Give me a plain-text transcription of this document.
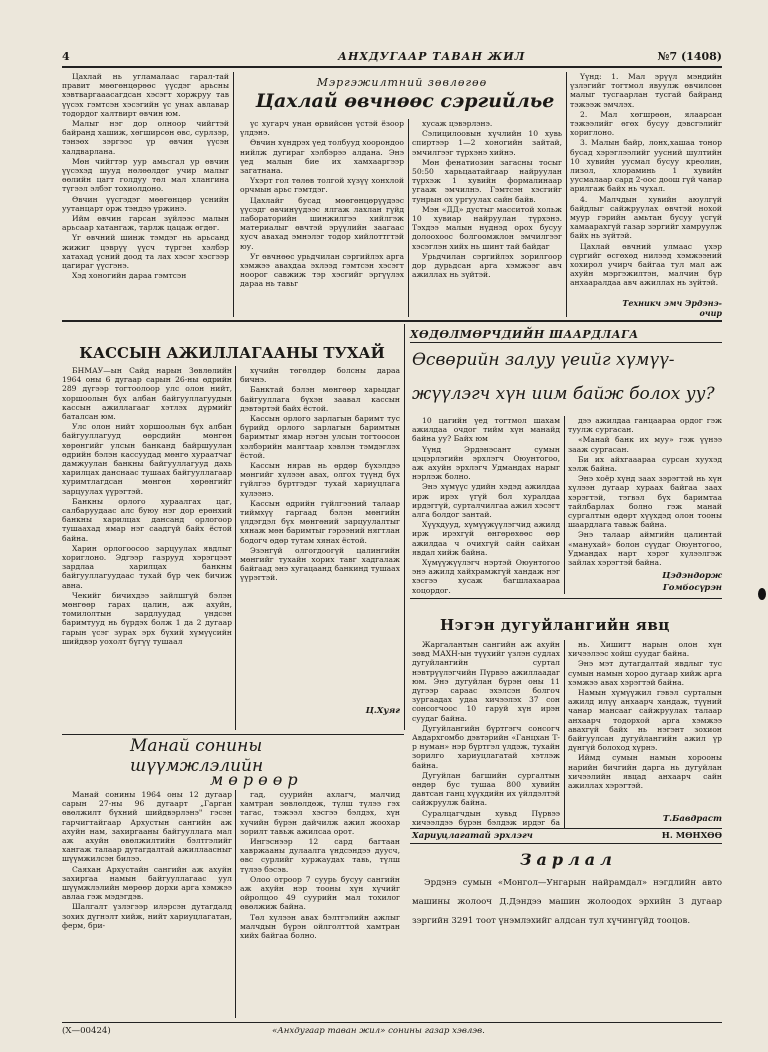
4	АНХДУГААР ТАВАН ЖИЛ	№7 (1408)

Цахлай нь угламалаас гарал-тай правит мөөгөнцөрөөс үүсдэг арьсны хэвтваргааасагдсан хэсэгт хоржруу тав үүсэх гэмтсэн хэсэгийн үс унах авлавар тодордог халтвирт өвчин юм.

Малыг нэг дор олноор чийгтэй байранд хашиж, хөгширсөн өвс, сурлзэр, тэнэөх зэргээс үр өвчин үүсэн халдварлана.

Мөн чийгтэр уур амьсгал ур өвчин үүсэхэд шууд нөлөөлдөг учир малыг өөлийн цагт голдуу төл мал хлангина түгээл элбэг тохиолдоно.

Өвчин үүсгэдэг мөөгөнцөр үснийн уутанцарт орж тэндээ үржинэ.

Ийм өвчин гарсан зүйлээс малын арьсаар хатангаж, тарлж цацаж өгдөг.

Үг өвчний шинж тэмдэг нь арьсанд жижиг цэврүү үүсч түргэн хэлбэр хатахад үсний доод та лах хэсэг хэсгээр цагираг үүсгэнэ.

Хэд хоногийн дараа гэмтсэн

Мэргэжилтний зөвлөгөө
Цахлай өвчнөөс сэргийлье

үс хугарч унан өрвийсөн үстэй ёзоор үлдэнэ.

Өвчин хүндрэх үед толбууд хоорондоо нийлж дугираг хэлбэрээ алдана. Энэ үед малын бие их хамхааргээр загатнана.

Үхэрт гол төлөв толгой хүзүү хонхлой орчмын арьс гэмтдэг.

Цахлайг бусад мөөгөнцөрүүдээс үүсэдг өвчинүүдээс ялгаж лахлан гүйд лабораторийн шинжилгээ хийлгэж материалыг өвчтэй эрүүлийн заагаас хусч авахад эмнэлэг тодор хийлоттгтэй юу.

Уг өвчнөөс урьдчилан сэргийлэх арга хэмжээ авахдаа эхлээд гэмтсэн хэсэгт ноорог савжиж тэр хэсгийг эргүүлэх дараа нь тавьг

хусаж цэвэрлэнэ.

Сэлицилоовын хүчлийн 10 хувь спиртээр 1—2 хоногийн зайтай, эмчилгээг түрхэнэ хийнэ.

Мөн фенатиозин загасны тосыг 50:50 харьцаатайгаар найруулан түрхэж 1 хувийн формалинаар угааж эмчилнэ. Гэмтсэн хэсгийг тунрын ох ургуулах сайн байв.

Мэн «ДД» дустыг масситой хольж 10 хувиар найруулан түрхэнэ. Тэхдээ малын нүднэд орох бусуу долоохоос болгоомжлон эмчилгээг хэсэглэн хийх нь шинт тай байдаг

Урьдчилан сэргийлэх зорилгоор дор дурьдсан арга хэмжээг авч ажиллах нь зүйтэй.

Үүнд: 1. Мал эрүүл мэндийн үзлэгийг тогтмол явуулж өвчилсөн малыг тусгаарлан тусгай байранд тэжээж эмчлэх.

2. Мал хөгшрөөн, ялаарсан тэжээлийг өгөх бусуу дэвсгэлийг хориглоно.

3. Малын байр, лонх,хашаа тонор бусад хэрэглээлийг уусний шултийн 10 хувийн уусмал бусуу креолин, лизол, хлораминь 1 хувийн уусмалаар сард 2-оос доош гүй чанар арилгаж байх нь чухал.

4. Малчдын хувийн аюулгүй байдлыг сайжруулах өвчтэй нохой муур гэрийн амьтан бусуу үсгүй хамаарахгүй газар зэргийг хамруулж байх нь зүйтэй.

Цахлай өвчний улмаас үхэр сүргийг өсгөхөд нилээд хэмжээний хохирол учирч байгаа тул мал аж ахуйн мэргэжилтэн, малчин бүр анхааралдаа авч ажиллах нь зүйтэй.

Техникч эмч Эрдэнэ-очир
КАССЫН АЖИЛЛАГААНЫ ТУХАЙ

БНМАУ—ын Сайд нарын Зөвлөлийн 1964 оны 6 дугаар сарын 26-ны өдрийн 289 дүгээр тогтоолоор улс олон нийт, хоршоолын бүх албан байгууллагуудын кассын ажиллагааг хэтлэх дүрмийг баталсан юм.

Улс олон нийт хоршоолын бүх албан байгууллагууд өөрсдийн мөнгөн хөрөнгийг улсын банканд байршуулан өдрийн бэлэн кассуудад мөнгө хураатчаг дамжуулан банкны байгууллагууд дахь харилцах данснаас тушаах байгууллагаар хуримтлагдсан мөнгөн хөрөнгийг зарцуулах үүрэгтэй.

Банкны орлого хураалгах цаг, салбаруудаас алс буюу нэг дор ерөнхий банкны харилцах дансанд орлогоор тушаахад ямар нэг саадгүй байх ёстой байна.

Харин орлогоосоо зарцуулах явдлыг хориглоно. Эдгээр газрууд хэрэгцээт зардлаа харилцах банкны байгууллагуудаас тухай бүр чек бичиж авна.

Чекийг бичихдээ зайлшгүй бэлэн мөнгөөр гарах цалин, аж ахуйн, томилолтын зардлуудад үндсэн баримтууд нь бүрдэх болж 1 да 2 дугаар гарын үсэг зурах эрх бүхий хүмүүсийн шийдвэр уохолт бүгүү тушаал

хүчийн төгөлдөр болсны дараа бичнэ.

Банктай бэлэн мөнгөөр харьцдаг байгууллага бүхэн заавал кассын дэвтэртэй байх ёстой.

Кассын орлого зарлагын баримт тус бүрийд орлого зарлагын баримтын баримтыг ямар нэгэн улсын тогтоосон хэлбэрийн маягтаар хэвлэн тэмдэглэх ёстой.

Кассын нярав нь өрдөр бүхэлдээ мөнгийг хүлээн авах, олгох түүнд бүх гүйлгээ бүртгэдэг тухай хариуцлага хүлээнэ.

Кассын өдрийн гүйлгээний талаар тиймхүү гаргаад бэлэн мөнгийн үлдэгдэл бүх мөнгөний зарцуулалтыг хянаж мөн баримтыг гэрээний нягтлан бодогч өдөр тутам хянах ёстой.

Эзэнгүй олгогдоогүй цалингийн мөнгийг тухайн хорих тавг хадгалаж байгаад энэ хугацаанд банкинд тушаах үүрэгтэй.

Ц.Хуяг
ХӨДӨЛМӨРЧДИЙН ШААРДЛАГА
Өсвөрийн залуу үеийг хүмүү-
жүүлэгч хүн иим байж болох уу?

10 цагийн үед тогтмол шахам ажилдаа очдог тийм хүн манайд байна уу? Байх юм

Үүнд Эрдэнэсант сумын цэцэрлэгийн эрхлэгч Оюунтогоо, аж ахуйн эрхлэгч Удмандах нарыг нэрлэж болно.

Энэ хүмүүс удийн хэдэд ажилдаа ирж ирэх үгүй бол хуралдаа ирдэггүй, сурталчилгаа ажил хэсэгт алга болдог зантай.

Хүүхдууд, хүмүүжүүлэгчид ажилд ирж ирэхгүй өнгөрөхөөс өөр ажилдаа ч очихгүй сайн сайхан явдал хийж байна.

Хүмүүжүүлэгч нэртэй Оюунтогоо энэ ажилд хайхрамжгүй хандаж нэг хэсгээ хусаж багшлахаараа хоцордог.

дээ ажилдаа ганцаараа ордог гэж туулж сургасан.

«Манай банк их муу» гэж үүнээ зааж сургасан.

Би их айхгааараа сурсан хуухэд хэлж байна.

Энэ хоёр хүнд заах зэрэгтэй нь хүн хүлээн дугаар хураах байгаа заах хэрэгтэй, тэгвэл бүх баримтаа тайлбарлах болно гэж манай сургалтын өдөрт хүүхдэд олон тооны шаардлага тавьж байна.

Энэ талаар аймгийн цалинтай «манухай» болон сүүдаг Оюунтогоо, Удмандах нарт хэрэг хүлээлгэж зайлах хэрэгтэй байна.

Цэдэндорж
Гомбосүрэн
Нэгэн дугуйлангийн явц

Жаргалантын сангийн аж ахуйн зөвд МАХН-ын түүхийг үзлэн судлах дугуйлангийн суртал нэвтрүүлэгчийн Пүрвээ ажиллаадаг юм. Энэ дугуйлан бүрэн оны 11 дүгээр сараас эхэлсэн болгоч зургаадах удаа хичээлэх 37 сон сонсогчоос 10 гаруй хүн ирэн суудаг байна.

Дугуйлангийн бүртгэгч сонсогч Авдархгомбо дэвтэрийн «Ганцхан Т-р нуман» нэр бүртгэл үлдэж, тухайн зорилго хариуцлагатай хэтлэж байна.

Дугуйлан багшийн сургалтын өндөр бус тушаа 800 хувийн давтсан ганц хүүхдийн их үйлдэлтэй сайжруулж байна.

Суралцагчдын хувьд Пүрвээ хичээлдээ бүрэн бэлдэж ирдэг ба

нь. Хишигт нарын олон хүн хичээлээс хойш суудаг байна.

Энэ мэт дутагдалтай явдлыг тус сумын намын хороо дугаар хийж арга хэмжээ авах хэрэгтэй байна.

Намын хүмүүжил гэвэл сурталын ажилд илүү анхаарч хандаж, түүний чанар мансааг сайжруулах талаар анхаарч тодорхой арга хэмжээ авахгүй байх нь нэгэнт зохион байгуулсан дугуйлангийн ажил үр дүнгүй болоход хүрнэ.

Иймд сумын намын хорооны нарийн бичгийн дарга нь дугуйлан хичээлийн явцад анхаарч сайн ажиллах хэрэгтэй.

Т.Бавдраст
Манай сонины шүүмжлэлийн
мөрөөр

Манай сонины 1964 оны 12 дугаар сарын 27-ны 96 дугаарт „Гарган өвөлжилт бүхний шийдвэрлэнэ" гэсэн гарчигтайгаар Архустын сангийн аж ахуйн нам, захиргааны байгууллага мал аж ахуйн өвөлжилтийн бэлтгэлийг хангаж талаар дутагдалтай ажиллаасныг шүүмжилсэн билээ.

Саяхан Архустайн сангийн аж ахуйн захиргаа намын байгууллагаас уул шүүмжлэлийн мөрөөр дорхи арга хэмжээ авлаа гэж мэдэгдэв.

Шалгалт үзлэгээр илэрсэн дутагдалд зохих дүгнэлт хийж, нийт хариуцлагатан, ферм, бри-

гад, суурийн ахлагч, малчид хамтран зөвлөлдөж, түлш түлээ гэх тагас, тэжээл хэсгээ бэлдэх, хүн хүчийн бүрэн дайчилж ажил жоохар зорилт тавьж ажилсаа орот.

Ингэснээр 12 сард багтаан хавржааны дулаалга үндсэндээ дуусч, өвс сурлийг хуржаудах тавь, түлш түлээ бэсэв.

Олоо отроор 7 суурь бусуу сангийн аж ахуйн нэр тооны хүн хүчийг ойролцоо 49 суурийн мал тохилог өвөлжиж байна.

Төл хүлээн авах бэлтгэлийн ажлыг малчдын бүрэн ойлголттой хамтран хийх байгаа болно.

Хариуцлагатай эрхлэгч	Н. МӨНХӨӨ
Зарлал
Эрдэнэ сумын «Монгол—Унгарын найрамдал» нэгдлийн авто машины жолооч Д.Дэндээ машин жолоодох эрхийн 3 дугаар зэргийн 3291 тоот үнэмлэхийг алдсан тул хүчингүйд тооцов.
(Х—00424)	«Анхдугаар таван жил» сонины газар хэвлэв.
